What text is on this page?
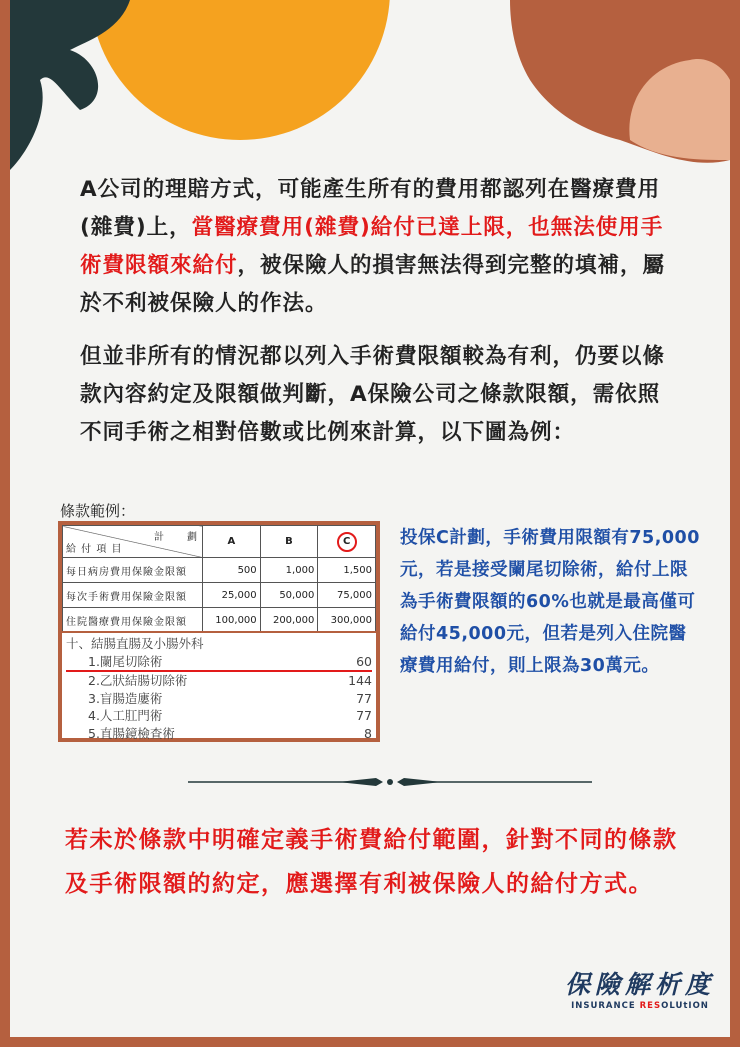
A公司的理賠方式，可能產生所有的費用都認列在醫療費用(雜費)上，當醫療費用(雜費)給付已達上限，也無法使用手術費限額來給付，被保險人的損害無法得到完整的填補，屬於不利被保險人的作法。
但並非所有的情況都以列入手術費限額較為有利，仍要以條款內容約定及限額做判斷，A保險公司之條款限額，需依照不同手術之相對倍數或比例來計算，以下圖為例：
條款範例：
計　　劃
給 付 項 目	A	B	C
每日病房費用保險金限額	500	1,000	1,500
每次手術費用保險金限額	25,000	50,000	75,000
住院醫療費用保險金限額	100,000	200,000	300,000
十、結腸直腸及小腸外科
1.闌尾切除術	60
2.乙狀結腸切除術	144
3.盲腸造廔術	77
4.人工肛門術	77
5.直腸鏡檢查術	8
投保C計劃，手術費用限額有75,000元，若是接受闌尾切除術，給付上限為手術費限額的60%也就是最高僅可給付45,000元，但若是列入住院醫療費用給付，則上限為30萬元。
若未於條款中明確定義手術費給付範圍，針對不同的條款及手術限額的約定，應選擇有利被保險人的給付方式。
保險解析度
INSURANCE RESOLUtION
